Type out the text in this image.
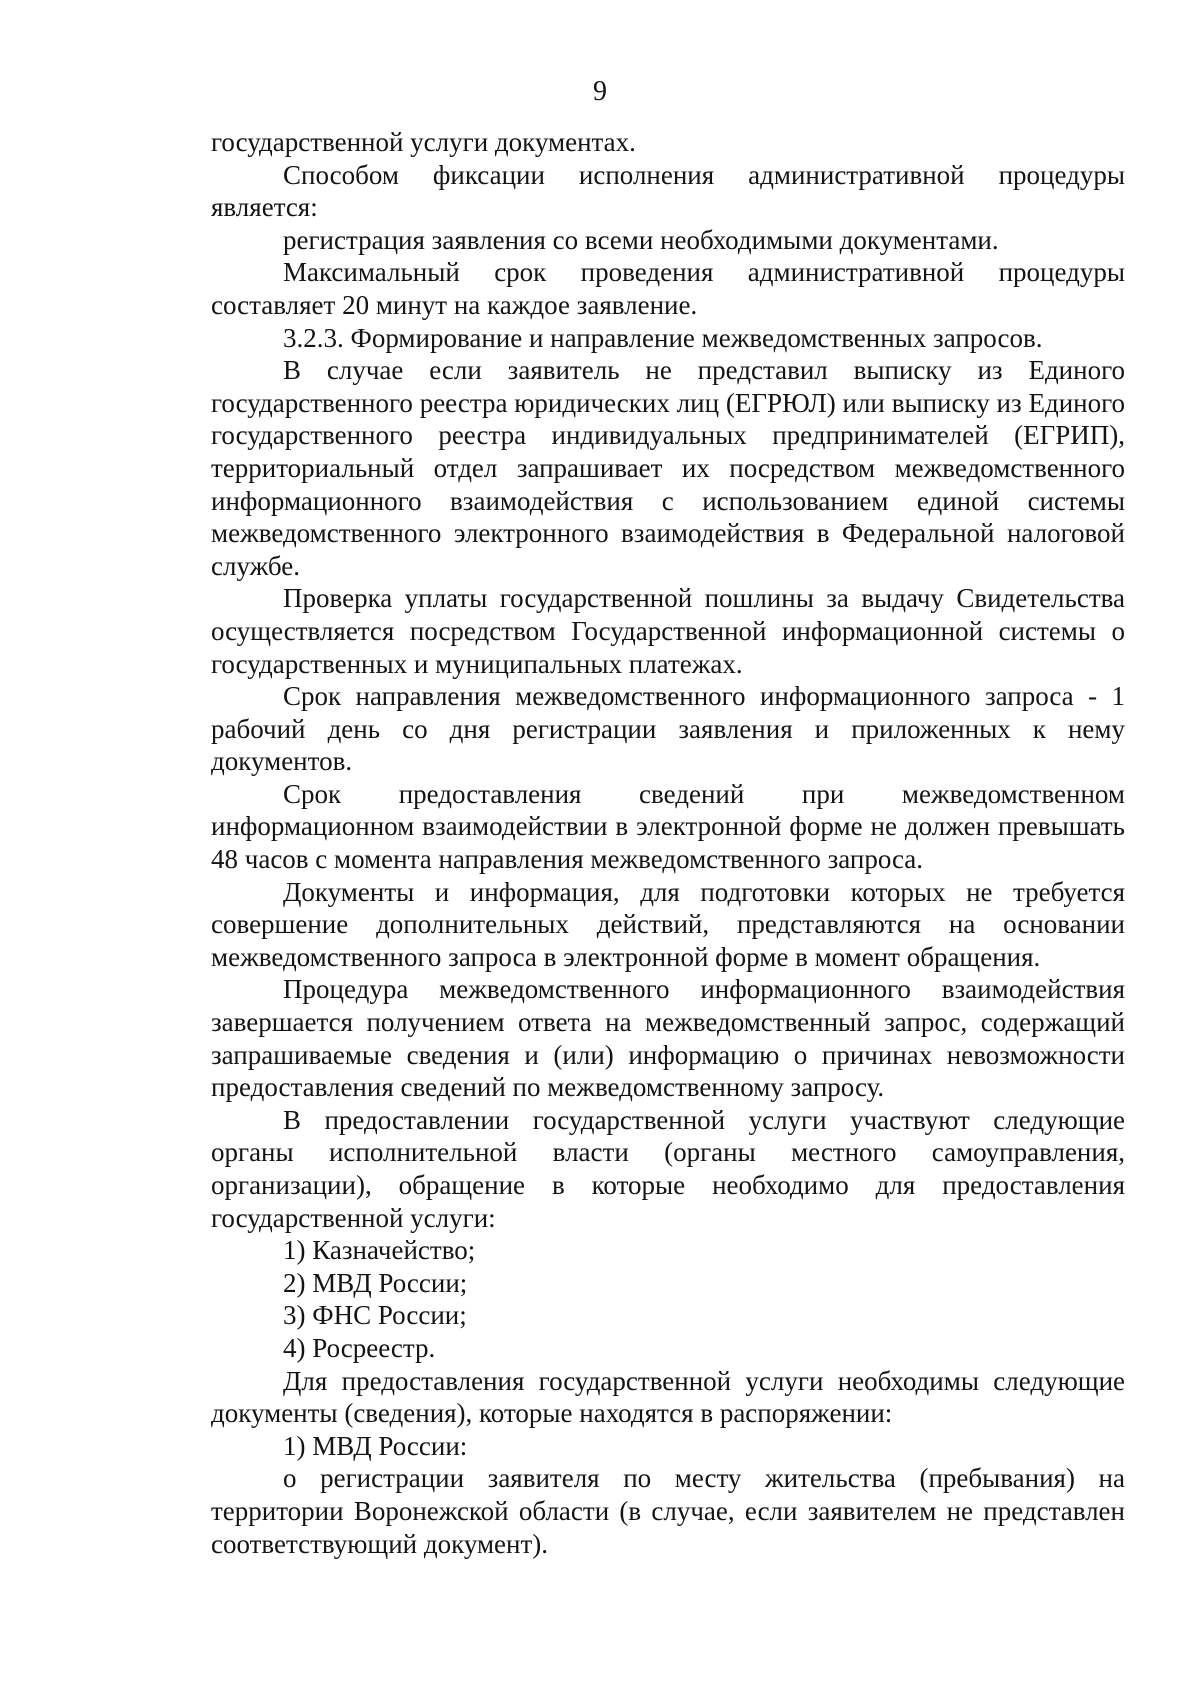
9

государственной услуги документах.

Способом фиксации исполнения административной процедуры является:

регистрация заявления со всеми необходимыми документами.

Максимальный срок проведения административной процедуры составляет 20 минут на каждое заявление.

3.2.3. Формирование и направление межведомственных запросов.

В случае если заявитель не представил выписку из Единого государственного реестра юридических лиц (ЕГРЮЛ) или выписку из Единого государственного реестра индивидуальных предпринимателей (ЕГРИП), территориальный отдел запрашивает их посредством межведомственного информационного взаимодействия с использованием единой системы межведомственного электронного взаимодействия в Федеральной налоговой службе.

Проверка уплаты государственной пошлины за выдачу Свидетельства осуществляется посредством Государственной информационной системы о государственных и муниципальных платежах.

Срок направления межведомственного информационного запроса - 1 рабочий день со дня регистрации заявления и приложенных к нему документов.

Срок предоставления сведений при межведомственном информационном взаимодействии в электронной форме не должен превышать 48 часов с момента направления межведомственного запроса.

Документы и информация, для подготовки которых не требуется совершение дополнительных действий, представляются на основании межведомственного запроса в электронной форме в момент обращения.

Процедура межведомственного информационного взаимодействия завершается получением ответа на межведомственный запрос, содержащий запрашиваемые сведения и (или) информацию о причинах невозможности предоставления сведений по межведомственному запросу.

В предоставлении государственной услуги участвуют следующие органы исполнительной власти (органы местного самоуправления, организации), обращение в которые необходимо для предоставления государственной услуги:

1) Казначейство;

2) МВД России;

3) ФНС России;

4) Росреестр.

Для предоставления государственной услуги необходимы следующие документы (сведения), которые находятся в распоряжении:

1) МВД России:

о регистрации заявителя по месту жительства (пребывания) на территории Воронежской области (в случае, если заявителем не представлен соответствующий документ).
